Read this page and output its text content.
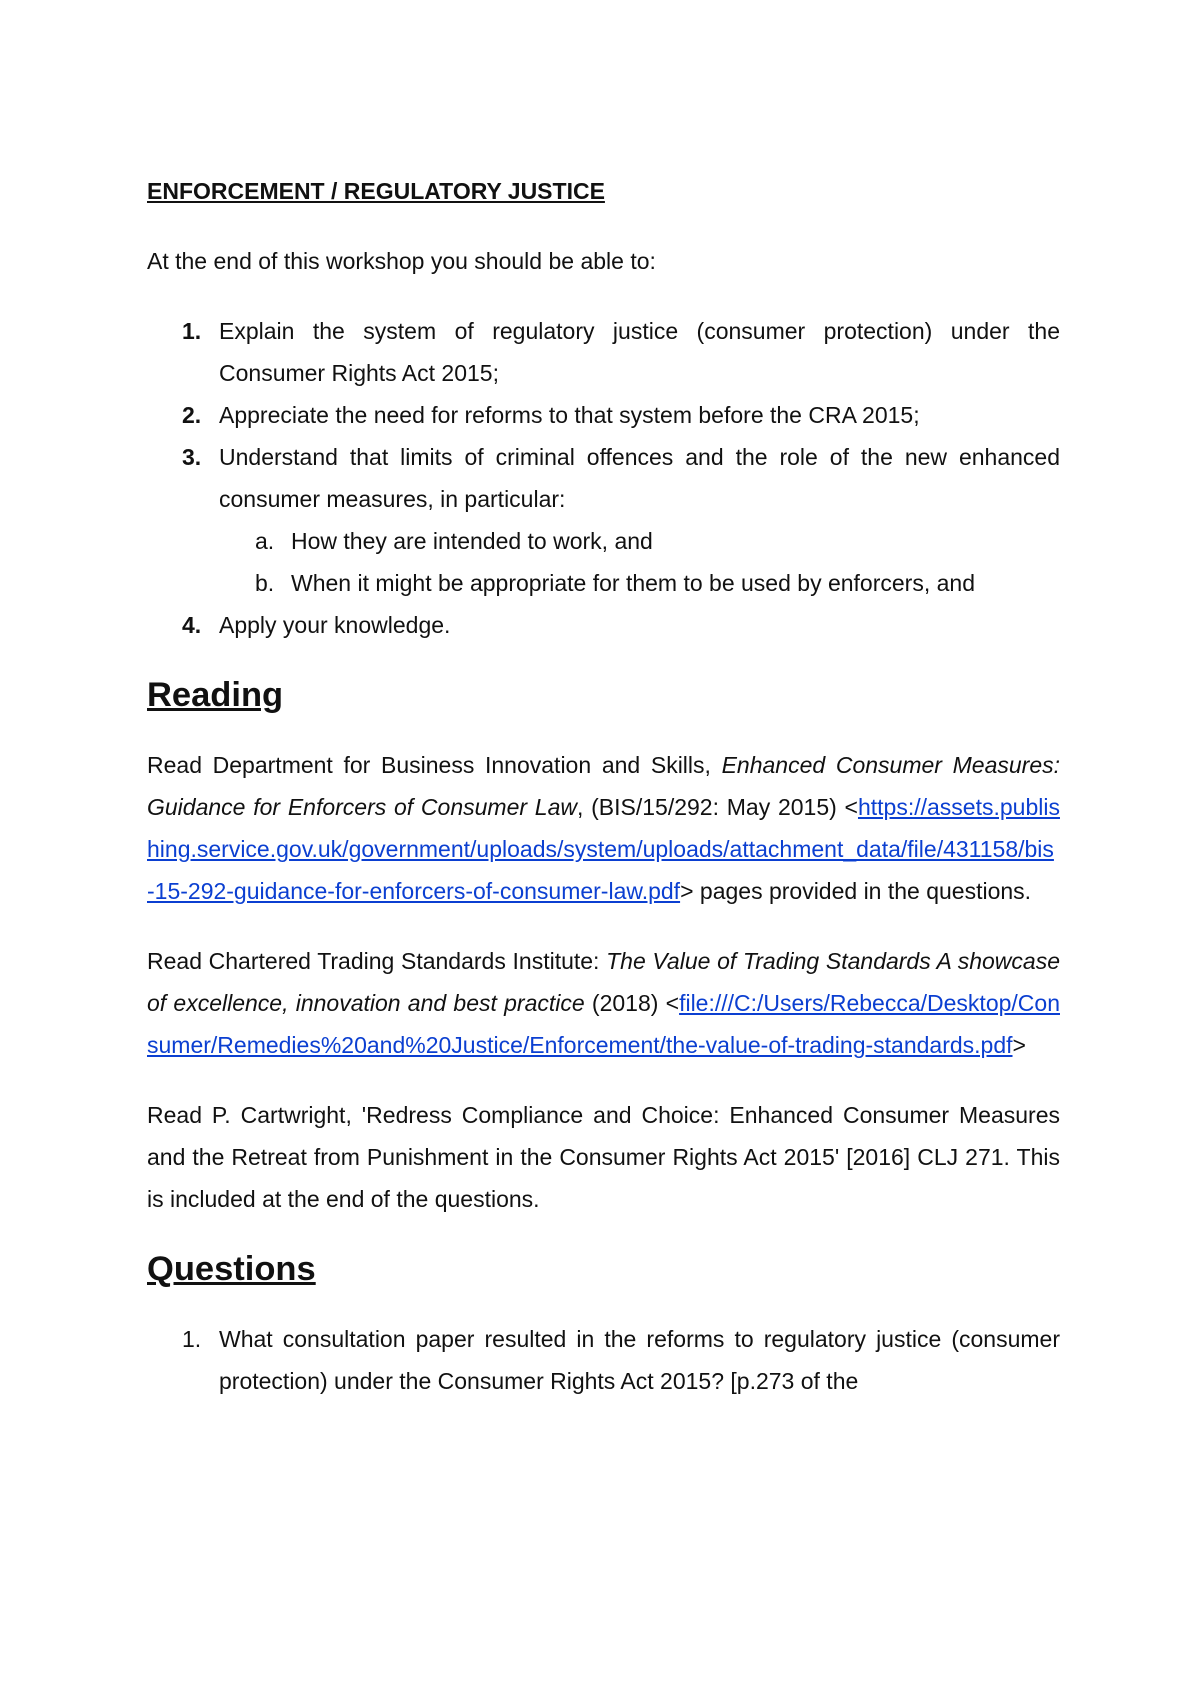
ENFORCEMENT / REGULATORY JUSTICE

At the end of this workshop you should be able to:

1. Explain the system of regulatory justice (consumer protection) under the Consumer Rights Act 2015;
2. Appreciate the need for reforms to that system before the CRA 2015;
3. Understand that limits of criminal offences and the role of the new enhanced consumer measures, in particular:
a. How they are intended to work, and
b. When it might be appropriate for them to be used by enforcers, and
4. Apply your knowledge.
Reading

Read Department for Business Innovation and Skills, Enhanced Consumer Measures: Guidance for Enforcers of Consumer Law, (BIS/15/292: May 2015) <https://assets.publishing.service.gov.uk/government/uploads/system/uploads/attachment_data/file/431158/bis-15-292-guidance-for-enforcers-of-consumer-law.pdf> pages provided in the questions.

Read Chartered Trading Standards Institute: The Value of Trading Standards A showcase of excellence, innovation and best practice (2018) <file:///C:/Users/Rebecca/Desktop/Consumer/Remedies%20and%20Justice/Enforcement/the-value-of-trading-standards.pdf>

Read P. Cartwright, 'Redress Compliance and Choice: Enhanced Consumer Measures and the Retreat from Punishment in the Consumer Rights Act 2015' [2016] CLJ 271. This is included at the end of the questions.

Questions
1. What consultation paper resulted in the reforms to regulatory justice (consumer protection) under the Consumer Rights Act 2015? [p.273 of the
